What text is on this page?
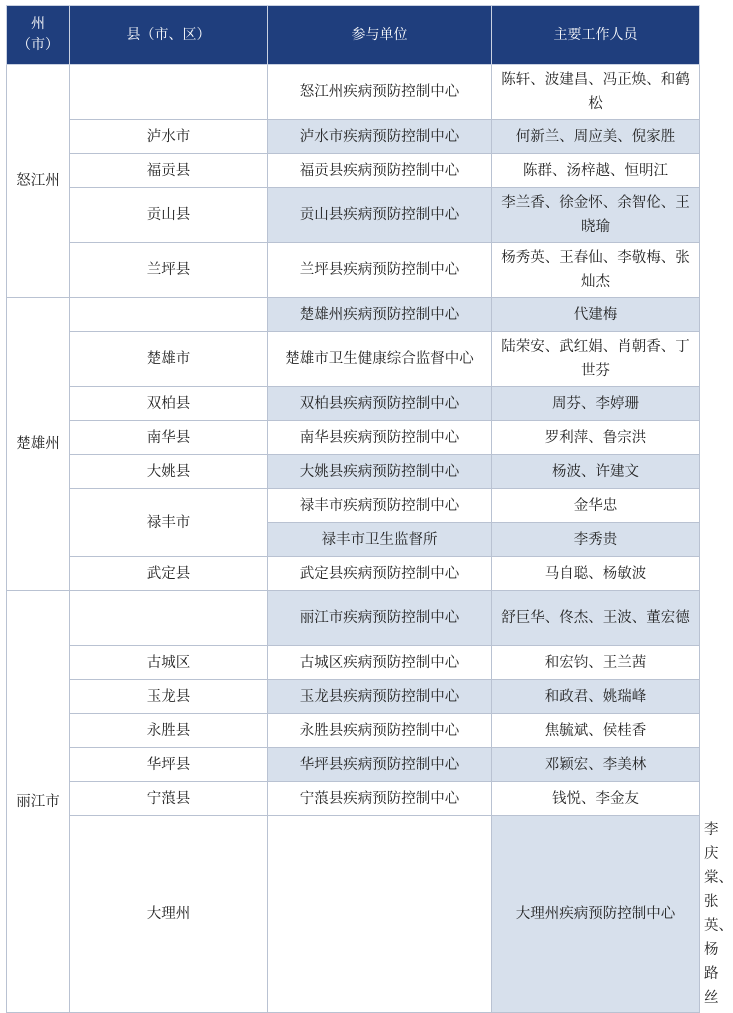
州
（市）	县（市、区）	参与单位	主要工作人员	
怒江州		怒江州疾病预防控制中心	陈轩、波建昌、冯正焕、和鹤松	
	泸水市	泸水市疾病预防控制中心	何新兰、周应美、倪家胜	
	福贡县	福贡县疾病预防控制中心	陈群、汤梓越、恒明江	
	贡山县	贡山县疾病预防控制中心	李兰香、徐金怀、余智伦、王晓瑜	
	兰坪县	兰坪县疾病预防控制中心	杨秀英、王春仙、李敬梅、张灿杰	
楚雄州		楚雄州疾病预防控制中心	代建梅	
	楚雄市	楚雄市卫生健康综合监督中心	陆荣安、武红娟、肖朝香、丁世芬	
	双柏县	双柏县疾病预防控制中心	周芬、李婷珊	
	南华县	南华县疾病预防控制中心	罗利萍、鲁宗洪	
	大姚县	大姚县疾病预防控制中心	杨波、许建文	
	禄丰市	禄丰市疾病预防控制中心	金华忠	
		禄丰市卫生监督所	李秀贵	
	武定县	武定县疾病预防控制中心	马自聪、杨敏波	
丽江市		丽江市疾病预防控制中心	舒巨华、佟杰、王波、董宏德	
	古城区	古城区疾病预防控制中心	和宏钧、王兰茜	
	玉龙县	玉龙县疾病预防控制中心	和政君、姚瑞峰	
	永胜县	永胜县疾病预防控制中心	焦毓斌、侯桂香	
	华坪县	华坪县疾病预防控制中心	邓颖宏、李美林	
	宁蒗县	宁蒗县疾病预防控制中心	钱悦、李金友	
	大理州		大理州疾病预防控制中心	李庆棠、张英、杨路丝
